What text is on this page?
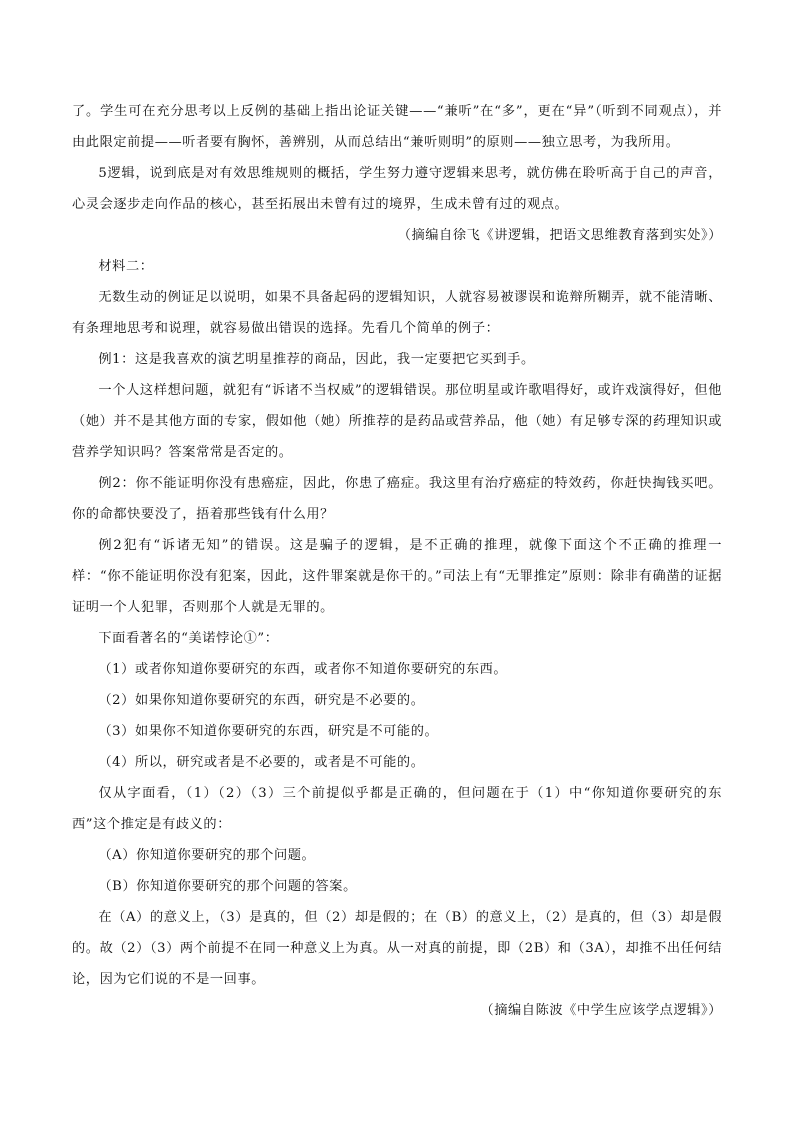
了。学生可在充分思考以上反例的基础上指出论证关键——“兼听”在“多”，更在“异”（听到不同观点），并由此限定前提——听者要有胸怀，善辨别，从而总结出“兼听则明”的原则——独立思考，为我所用。

5逻辑，说到底是对有效思维规则的概括，学生努力遵守逻辑来思考，就仿佛在聆听高于自己的声音，心灵会逐步走向作品的核心，甚至拓展出未曾有过的境界，生成未曾有过的观点。

（摘编自徐飞《讲逻辑，把语文思维教育落到实处》）

材料二：

无数生动的例证足以说明，如果不具备起码的逻辑知识，人就容易被谬误和诡辩所糊弄，就不能清晰、有条理地思考和说理，就容易做出错误的选择。先看几个简单的例子：

例1：这是我喜欢的演艺明星推荐的商品，因此，我一定要把它买到手。

一个人这样想问题，就犯有“诉诸不当权威”的逻辑错误。那位明星或许歌唱得好，或许戏演得好，但他（她）并不是其他方面的专家，假如他（她）所推荐的是药品或营养品，他（她）有足够专深的药理知识或营养学知识吗？答案常常是否定的。

例2：你不能证明你没有患癌症，因此，你患了癌症。我这里有治疗癌症的特效药，你赶快掏钱买吧。你的命都快要没了，捂着那些钱有什么用？

例2犯有“诉诸无知”的错误。这是骗子的逻辑，是不正确的推理，就像下面这个不正确的推理一样：“你不能证明你没有犯案，因此，这件罪案就是你干的。”司法上有“无罪推定”原则：除非有确凿的证据证明一个人犯罪，否则那个人就是无罪的。

下面看著名的“美诺悖论①”：

（1）或者你知道你要研究的东西，或者你不知道你要研究的东西。

（2）如果你知道你要研究的东西，研究是不必要的。

（3）如果你不知道你要研究的东西，研究是不可能的。

（4）所以，研究或者是不必要的，或者是不可能的。

仅从字面看，（1）（2）（3）三个前提似乎都是正确的，但问题在于（1）中“你知道你要研究的东西”这个推定是有歧义的：

（A）你知道你要研究的那个问题。

（B）你知道你要研究的那个问题的答案。

在（A）的意义上，（3）是真的，但（2）却是假的；在（B）的意义上，（2）是真的，但（3）却是假的。故（2）（3）两个前提不在同一种意义上为真。从一对真的前提，即（2B）和（3A），却推不出任何结论，因为它们说的不是一回事。

（摘编自陈波《中学生应该学点逻辑》）
